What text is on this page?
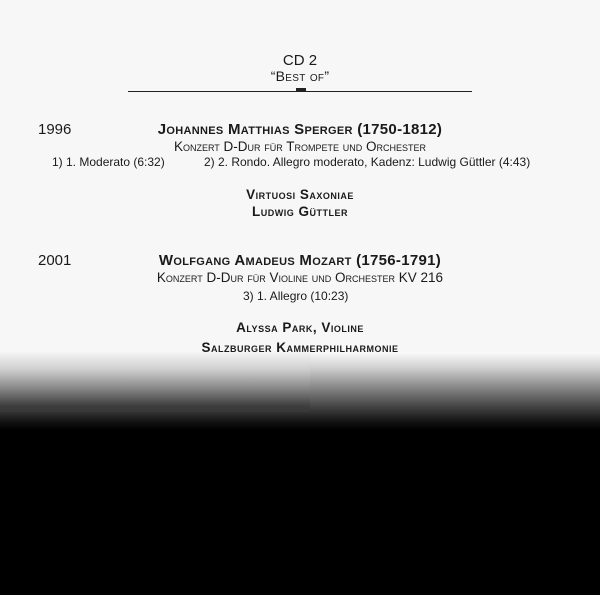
CD 2
“Best of”
1996	Johannes Matthias Sperger (1750-1812)
Konzert D-Dur für Trompete und Orchester
1) 1. Moderato (6:32)	2) 2. Rondo. Allegro moderato, Kadenz: Ludwig Güttler (4:43)
Virtuosi Saxoniae
Ludwig Güttler
2001	Wolfgang Amadeus Mozart (1756-1791)
Konzert D-Dur für Violine und Orchester KV 216
3) 1. Allegro (10:23)
Alyssa Park, Violine
Salzburger Kammerphilharmonie
